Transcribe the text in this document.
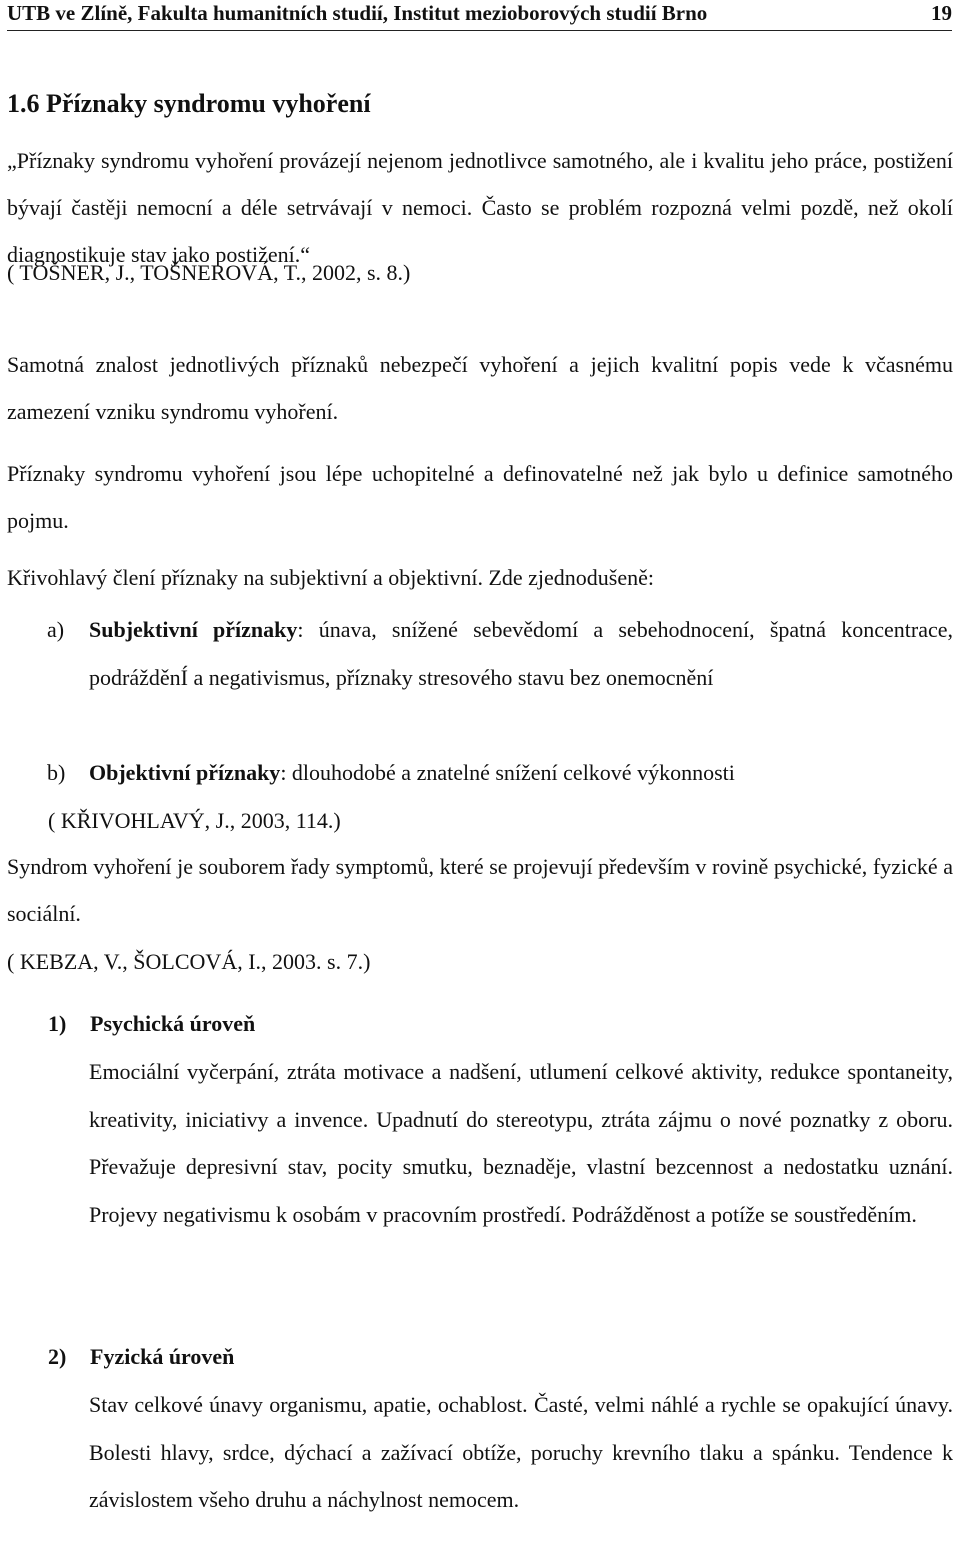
UTB ve Zlíně, Fakulta humanitních studií, Institut mezioborových studií Brno	19
1.6 Příznaky syndromu vyhoření

„Příznaky syndromu vyhoření provázejí nejenom jednotlivce samotného, ale i kvalitu jeho práce, postižení bývají častěji nemocní a déle setrvávají v nemoci. Často se problém rozpozná velmi pozdě, než okolí diagnostikuje stav jako postižení.“

( TOŠNER, J., TOŠNEROVÁ, T., 2002, s. 8.)

Samotná znalost jednotlivých příznaků nebezpečí vyhoření a jejich kvalitní popis vede k včasnému zamezení vzniku syndromu vyhoření.

Příznaky syndromu vyhoření jsou lépe uchopitelné a definovatelné než jak bylo u definice samotného pojmu.

Křivohlavý člení příznaky na subjektivní a objektivní. Zde zjednodušeně:

a) Subjektivní příznaky: únava, snížené sebevědomí a sebehodnocení, špatná koncentrace, podrážděnÍ a negativismus, příznaky stresového stavu bez onemocnění
b) Objektivní příznaky: dlouhodobé a znatelné snížení celkové výkonnosti

( KŘIVOHLAVÝ, J., 2003, 114.)

Syndrom vyhoření je souborem řady symptomů, které se projevují především v rovině psychické, fyzické a sociální.

( KEBZA, V., ŠOLCOVÁ, I., 2003. s. 7.)

1) Psychická úroveň

Emociální vyčerpání, ztráta motivace a nadšení, utlumení celkové aktivity, redukce spontaneity, kreativity, iniciativy a invence. Upadnutí do stereotypu, ztráta zájmu o nové poznatky z oboru. Převažuje depresivní stav, pocity smutku, beznaděje, vlastní bezcennost a nedostatku uznání. Projevy negativismu k osobám v pracovním prostředí. Podrážděnost a potíže se soustředěním.

2) Fyzická úroveň

Stav celkové únavy organismu, apatie, ochablost. Časté, velmi náhlé a rychle se opakující únavy. Bolesti hlavy, srdce, dýchací a zažívací obtíže, poruchy krevního tlaku a spánku. Tendence k závislostem všeho druhu a náchylnost nemocem.
